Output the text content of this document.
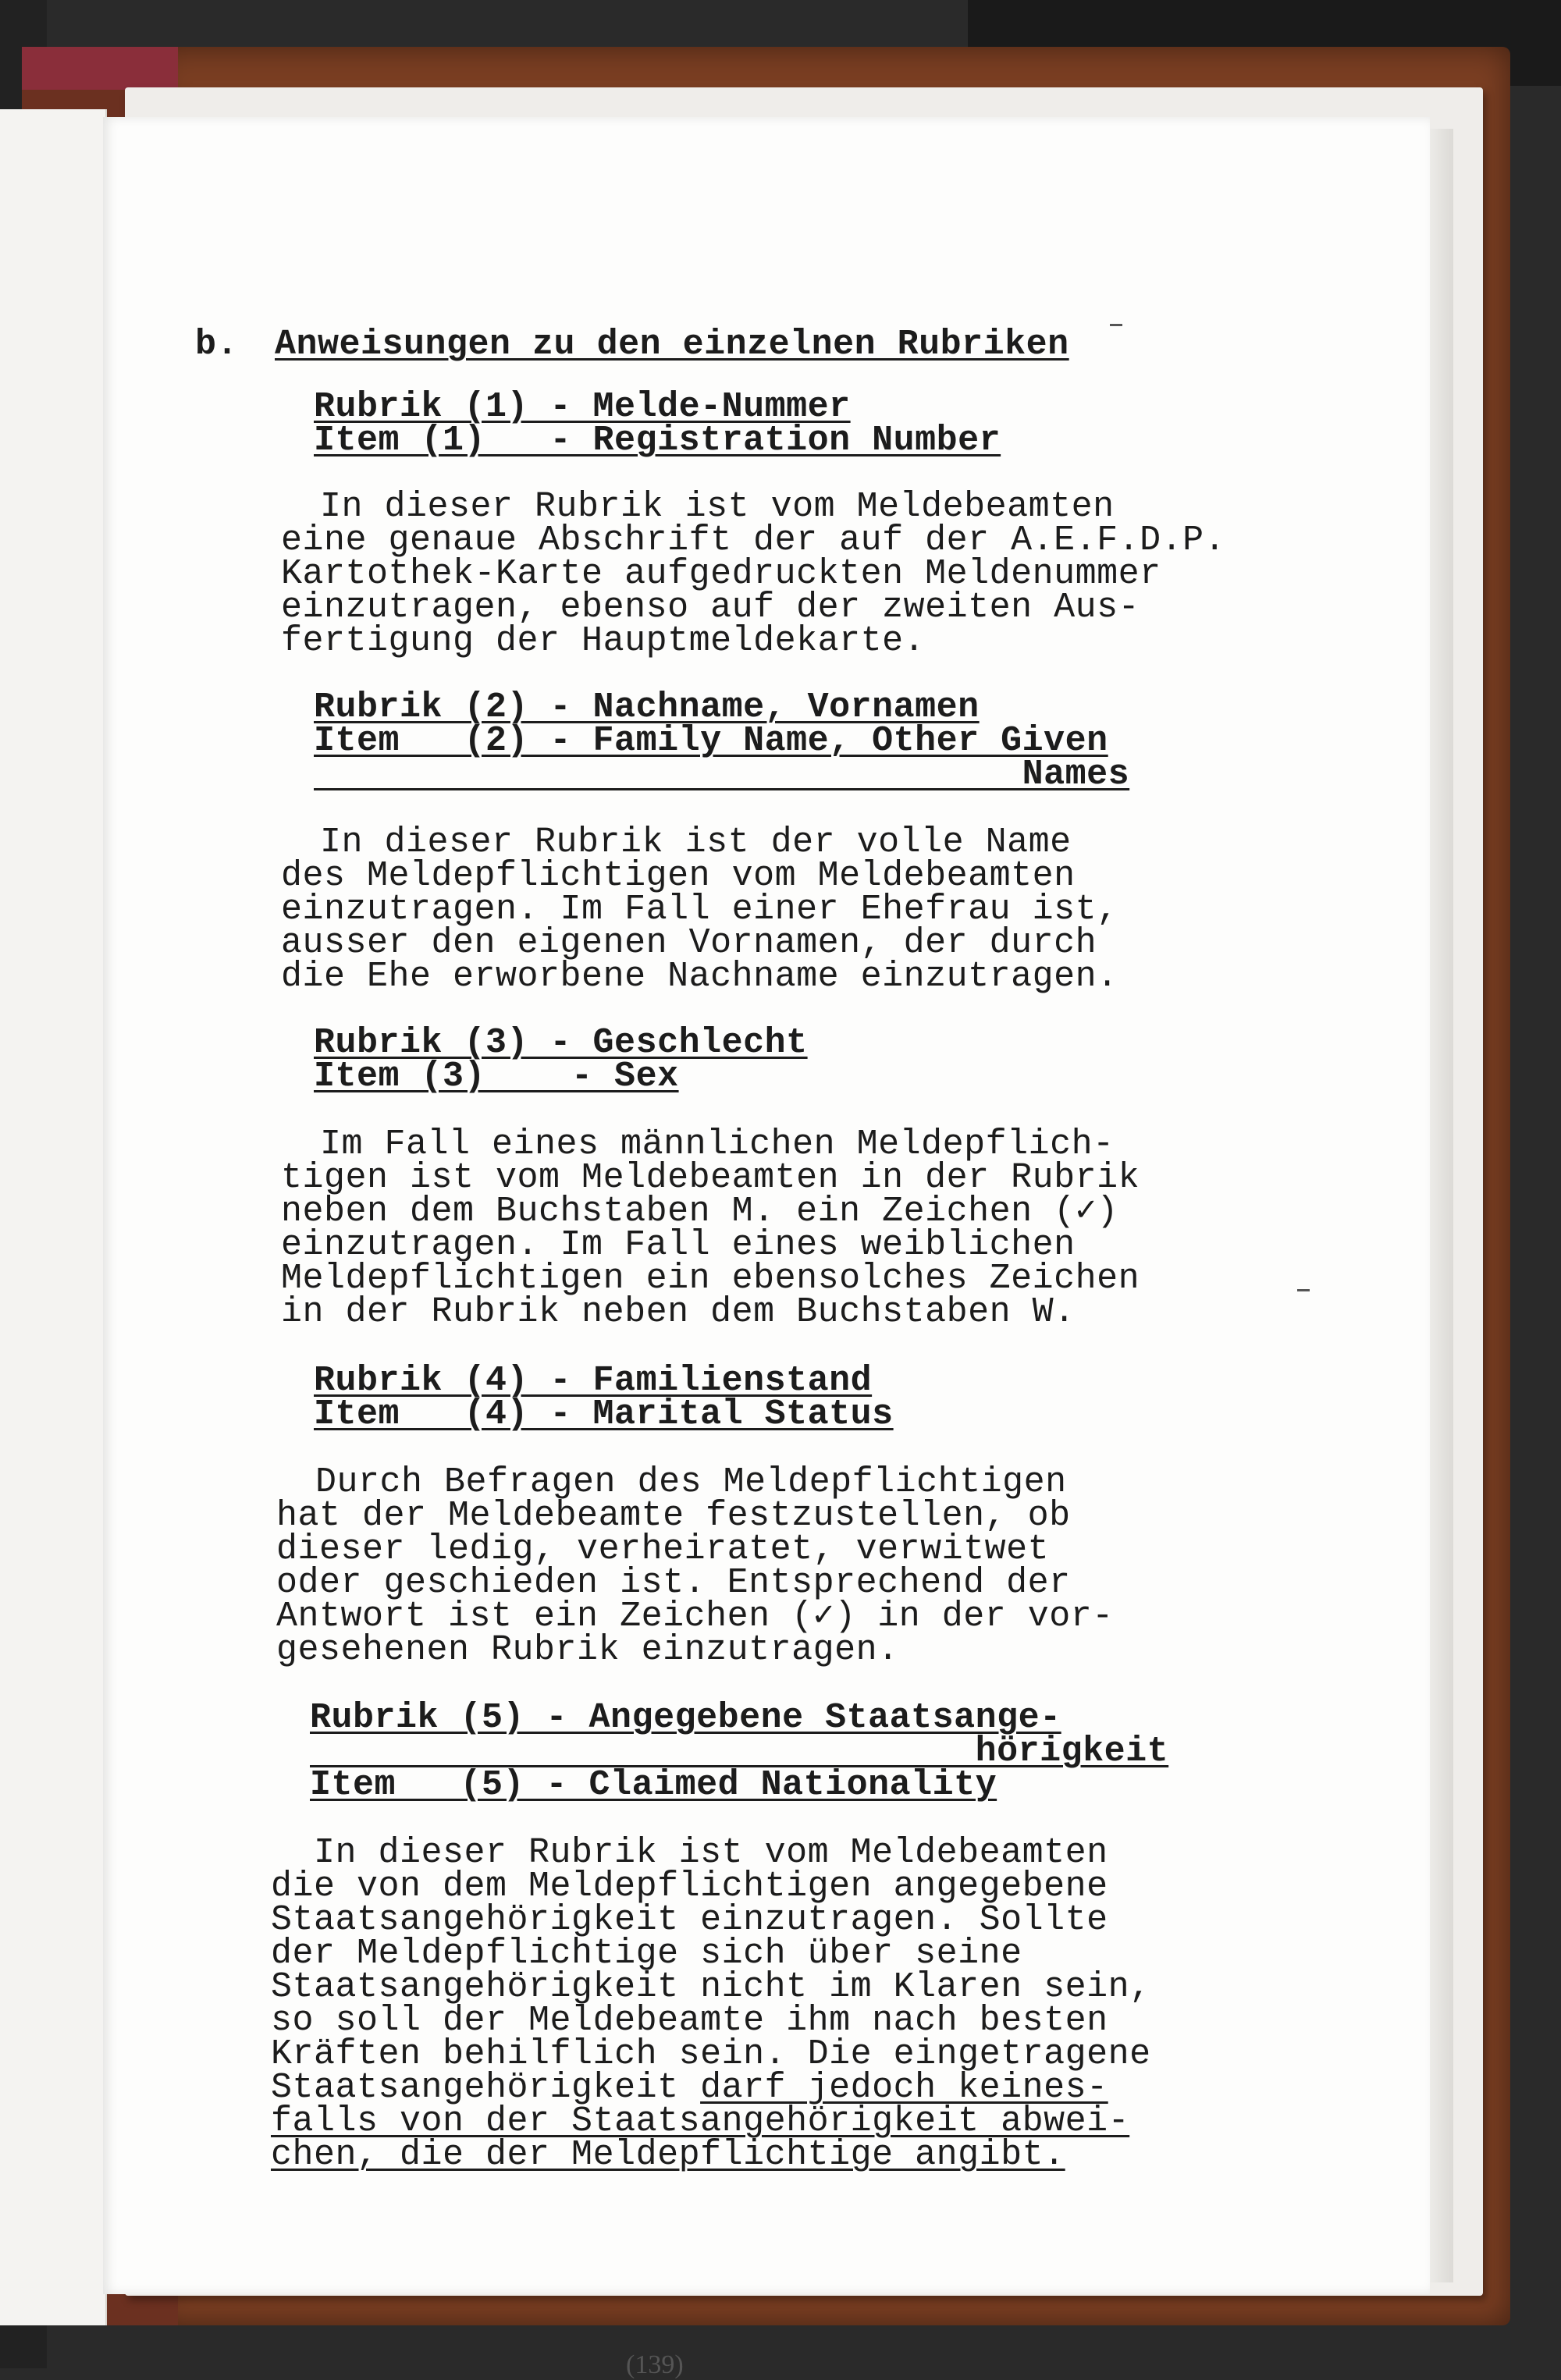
b. Anweisungen zu den einzelnen Rubriken
Rubrik (1) - Melde-Nummer
Item (1)   - Registration Number
In dieser Rubrik ist vom Meldebeamten
eine genaue Abschrift der auf der A.E.F.D.P.
Kartothek-Karte aufgedruckten Meldenummer
einzutragen, ebenso auf der zweiten Aus-
fertigung der Hauptmeldekarte.
Rubrik (2) - Nachname, Vornamen
Item   (2) - Family Name, Other Given
Names
In dieser Rubrik ist der volle Name
des Meldepflichtigen vom Meldebeamten
einzutragen. Im Fall einer Ehefrau ist,
ausser den eigenen Vornamen, der durch
die Ehe erworbene Nachname einzutragen.
Rubrik (3) - Geschlecht
Item (3)    - Sex
Im Fall eines männlichen Meldepflich-
tigen ist vom Meldebeamten in der Rubrik
neben dem Buchstaben M. ein Zeichen (✓)
einzutragen. Im Fall eines weiblichen
Meldepflichtigen ein ebensolches Zeichen
in der Rubrik neben dem Buchstaben W.
Rubrik (4) - Familienstand
Item   (4) - Marital Status
Durch Befragen des Meldepflichtigen
hat der Meldebeamte festzustellen, ob
dieser ledig, verheiratet, verwitwet
oder geschieden ist. Entsprechend der
Antwort ist ein Zeichen (✓) in der vor-
gesehenen Rubrik einzutragen.
Rubrik (5) - Angegebene Staatsange-
hörigkeit
Item   (5) - Claimed Nationality
In dieser Rubrik ist vom Meldebeamten
die von dem Meldepflichtigen angegebene
Staatsangehörigkeit einzutragen. Sollte
der Meldepflichtige sich über seine
Staatsangehörigkeit nicht im Klaren sein,
so soll der Meldebeamte ihm nach besten
Kräften behilflich sein. Die eingetragene
Staatsangehörigkeit darf jedoch keines-
falls von der Staatsangehörigkeit abwei-
chen, die der Meldepflichtige angibt.
(139)
